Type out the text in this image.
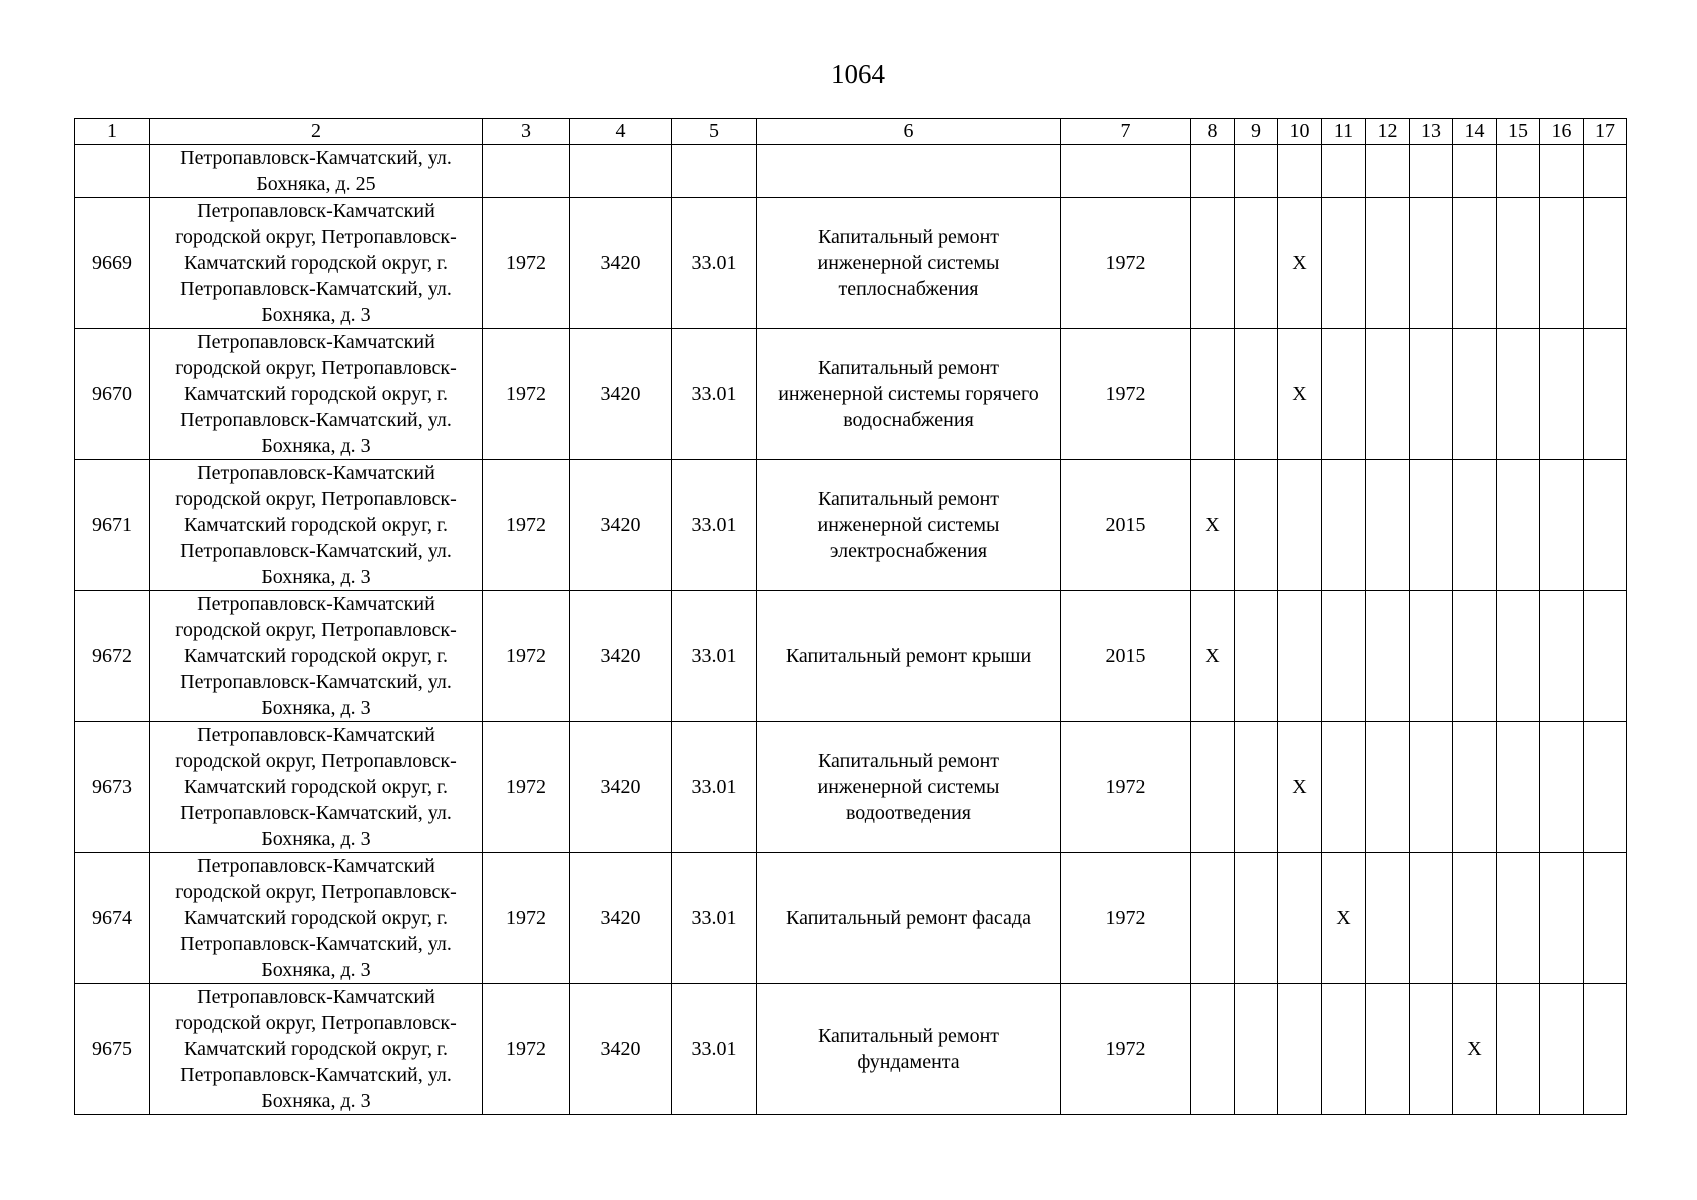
1064
1	2	3	4	5	6	7	8	9	10	11	12	13	14	15	16	17
	Петропавловск-Камчатский, ул. Бохняка, д. 25															
9669	Петропавловск-Камчатский городской округ, Петропавловск-Камчатский городской округ, г. Петропавловск-Камчатский, ул. Бохняка, д. 3	1972	3420	33.01	Капитальный ремонт инженерной системы теплоснабжения	1972			X							
9670	Петропавловск-Камчатский городской округ, Петропавловск-Камчатский городской округ, г. Петропавловск-Камчатский, ул. Бохняка, д. 3	1972	3420	33.01	Капитальный ремонт инженерной системы горячего водоснабжения	1972			X							
9671	Петропавловск-Камчатский городской округ, Петропавловск-Камчатский городской округ, г. Петропавловск-Камчатский, ул. Бохняка, д. 3	1972	3420	33.01	Капитальный ремонт инженерной системы электроснабжения	2015	X									
9672	Петропавловск-Камчатский городской округ, Петропавловск-Камчатский городской округ, г. Петропавловск-Камчатский, ул. Бохняка, д. 3	1972	3420	33.01	Капитальный ремонт крыши	2015	X									
9673	Петропавловск-Камчатский городской округ, Петропавловск-Камчатский городской округ, г. Петропавловск-Камчатский, ул. Бохняка, д. 3	1972	3420	33.01	Капитальный ремонт инженерной системы водоотведения	1972			X							
9674	Петропавловск-Камчатский городской округ, Петропавловск-Камчатский городской округ, г. Петропавловск-Камчатский, ул. Бохняка, д. 3	1972	3420	33.01	Капитальный ремонт фасада	1972				X						
9675	Петропавловск-Камчатский городской округ, Петропавловск-Камчатский городской округ, г. Петропавловск-Камчатский, ул. Бохняка, д. 3	1972	3420	33.01	Капитальный ремонт фундамента	1972							X			
